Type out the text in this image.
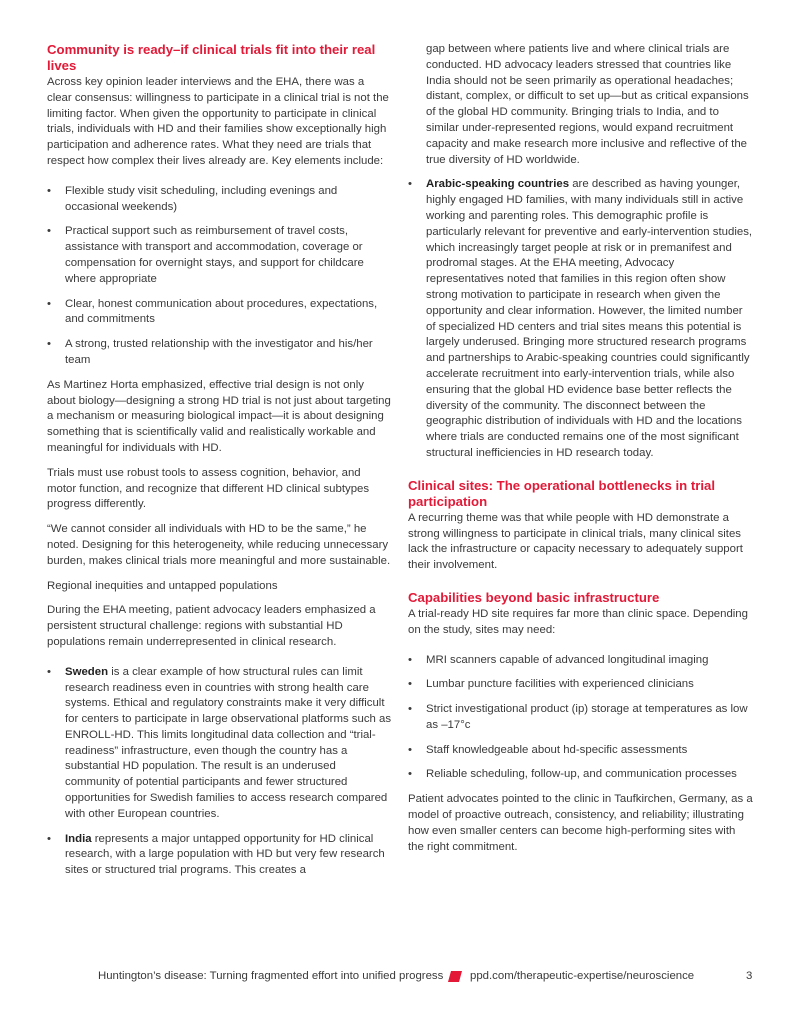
Community is ready–if clinical trials fit into their real lives

Across key opinion leader interviews and the EHA, there was a clear consensus: willingness to participate in a clinical trial is not the limiting factor. When given the opportunity to participate in clinical trials, individuals with HD and their families show exceptionally high participation and adherence rates. What they need are trials that respect how complex their lives already are. Key elements include:

• Flexible study visit scheduling, including evenings and occasional weekends)
• Practical support such as reimbursement of travel costs, assistance with transport and accommodation, coverage or compensation for overnight stays, and support for childcare where appropriate
• Clear, honest communication about procedures, expectations, and commitments
• A strong, trusted relationship with the investigator and his/her team

As Martinez Horta emphasized, effective trial design is not only about biology—designing a strong HD trial is not just about targeting a mechanism or measuring biological impact—it is about designing something that is scientifically valid and realistically workable and meaningful for individuals with HD.

Trials must use robust tools to assess cognition, behavior, and motor function, and recognize that different HD clinical subtypes progress differently.

“We cannot consider all individuals with HD to be the same,” he noted. Designing for this heterogeneity, while reducing unnecessary burden, makes clinical trials more meaningful and more sustainable.

Regional inequities and untapped populations

During the EHA meeting, patient advocacy leaders emphasized a persistent structural challenge: regions with substantial HD populations remain underrepresented in clinical research.

• Sweden is a clear example of how structural rules can limit research readiness even in countries with strong health care systems. Ethical and regulatory constraints make it very difficult for centers to participate in large observational platforms such as ENROLL-HD. This limits longitudinal data collection and “trial-readiness” infrastructure, even though the country has a substantial HD population. The result is an underused community of potential participants and fewer structured opportunities for Swedish families to access research compared with other European countries.
• India represents a major untapped opportunity for HD clinical research, with a large population with HD but very few research sites or structured trial programs. This creates a

gap between where patients live and where clinical trials are conducted. HD advocacy leaders stressed that countries like India should not be seen primarily as operational headaches; distant, complex, or difficult to set up—but as critical expansions of the global HD community. Bringing trials to India, and to similar under-represented regions, would expand recruitment capacity and make research more inclusive and reflective of the true diversity of HD worldwide.

• Arabic-speaking countries are described as having younger, highly engaged HD families, with many individuals still in active working and parenting roles. This demographic profile is particularly relevant for preventive and early-intervention studies, which increasingly target people at risk or in premanifest and prodromal stages. At the EHA meeting, Advocacy representatives noted that families in this region often show strong motivation to participate in research when given the opportunity and clear information. However, the limited number of specialized HD centers and trial sites means this potential is largely underused. Bringing more structured research programs and partnerships to Arabic-speaking countries could significantly accelerate recruitment into early-intervention trials, while also ensuring that the global HD evidence base better reflects the diversity of the community. The disconnect between the geographic distribution of individuals with HD and the locations where trials are conducted remains one of the most significant structural inefficiencies in HD research today.
Clinical sites: The operational bottlenecks in trial participation

A recurring theme was that while people with HD demonstrate a strong willingness to participate in clinical trials, many clinical sites lack the infrastructure or capacity necessary to adequately support their involvement.

Capabilities beyond basic infrastructure

A trial-ready HD site requires far more than clinic space. Depending on the study, sites may need:

• MRI scanners capable of advanced longitudinal imaging
• Lumbar puncture facilities with experienced clinicians
• Strict investigational product (ip) storage at temperatures as low as –17°c
• Staff knowledgeable about hd-specific assessments
• Reliable scheduling, follow-up, and communication processes

Patient advocates pointed to the clinic in Taufkirchen, Germany, as a model of proactive outreach, consistency, and reliability; illustrating how even smaller centers can become high-performing sites with the right commitment.

Huntington’s disease: Turning fragmented effort into unified progress ppd.com/therapeutic-expertise/neuroscience	3
